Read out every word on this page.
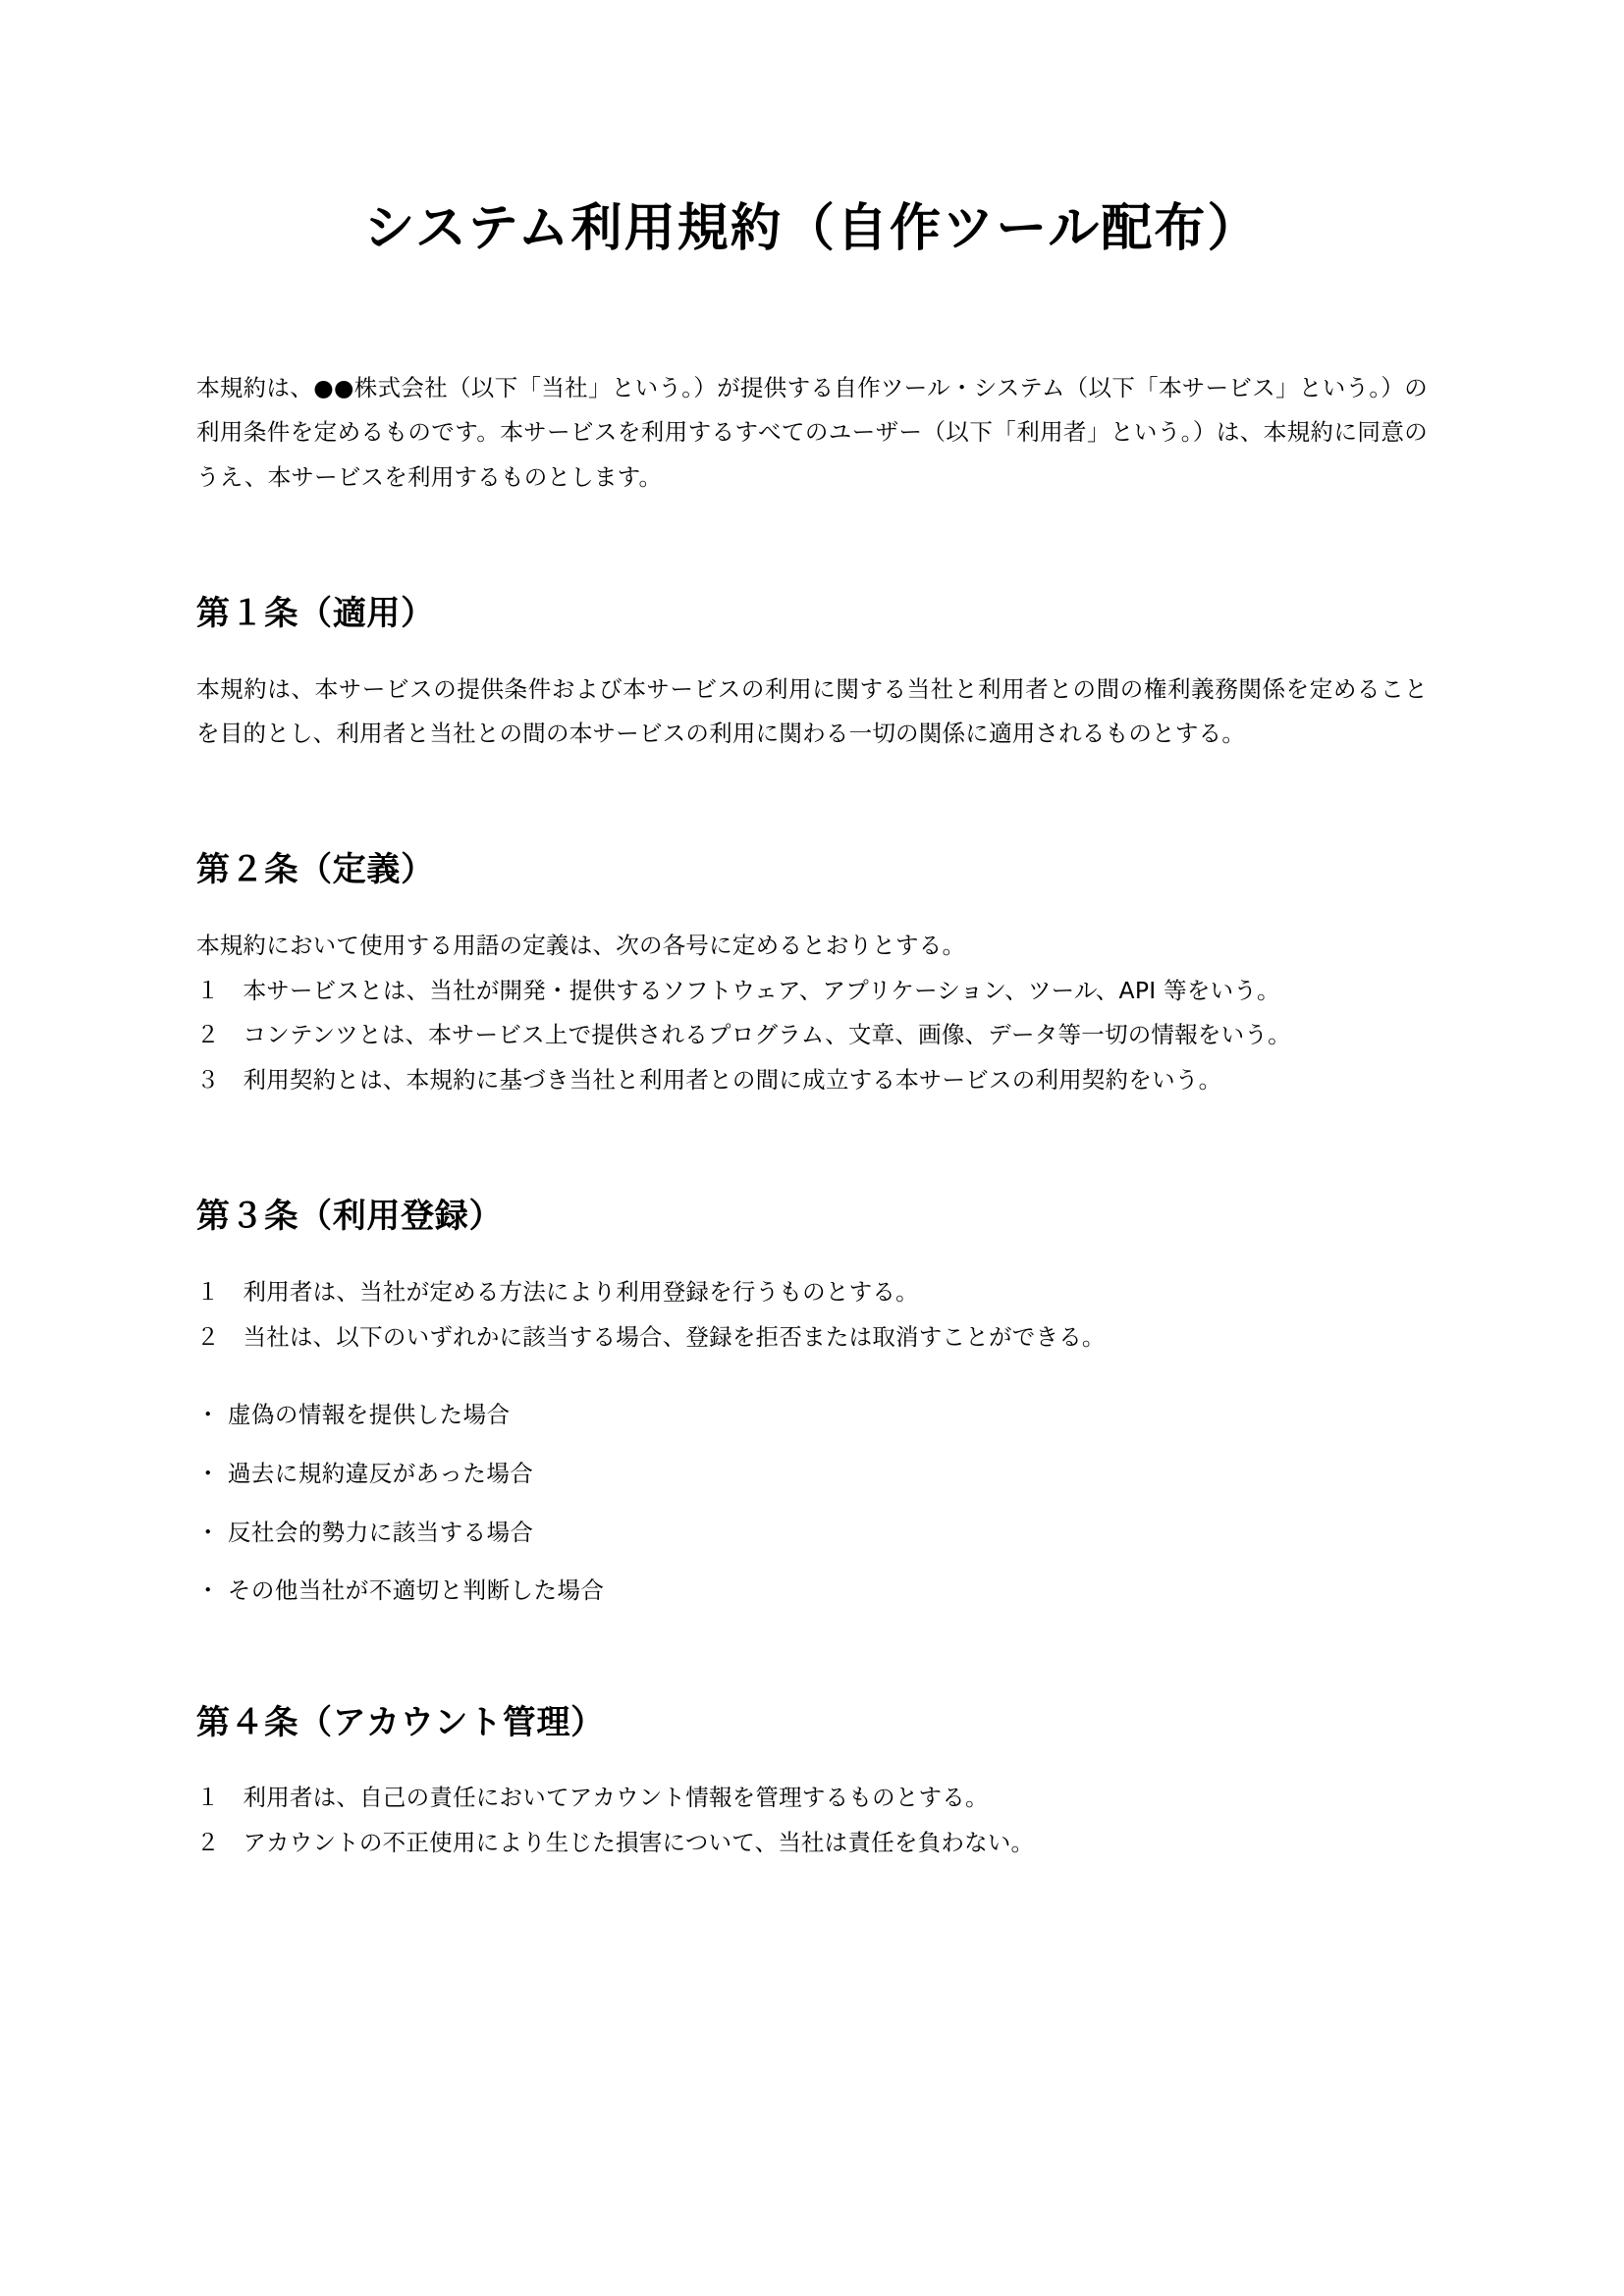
システム利用規約（自作ツール配布）

本規約は、●●株式会社（以下「当社」という。）が提供する自作ツール・システム（以下「本サービス」という。）の利用条件を定めるものです。本サービスを利用するすべてのユーザー（以下「利用者」という。）は、本規約に同意のうえ、本サービスを利用するものとします。

第１条（適用）

本規約は、本サービスの提供条件および本サービスの利用に関する当社と利用者との間の権利義務関係を定めることを目的とし、利用者と当社との間の本サービスの利用に関わる一切の関係に適用されるものとする。

第２条（定義）

本規約において使用する用語の定義は、次の各号に定めるとおりとする。

１　本サービスとは、当社が開発・提供するソフトウェア、アプリケーション、ツール、API 等をいう。
２　コンテンツとは、本サービス上で提供されるプログラム、文章、画像、データ等一切の情報をいう。
３　利用契約とは、本規約に基づき当社と利用者との間に成立する本サービスの利用契約をいう。
第３条（利用登録）
１　利用者は、当社が定める方法により利用登録を行うものとする。
２　当社は、以下のいずれかに該当する場合、登録を拒否または取消すことができる。
・ 虚偽の情報を提供した場合
・ 過去に規約違反があった場合
・ 反社会的勢力に該当する場合
・ その他当社が不適切と判断した場合
第４条（アカウント管理）
１　利用者は、自己の責任においてアカウント情報を管理するものとする。
２　アカウントの不正使用により生じた損害について、当社は責任を負わない。
